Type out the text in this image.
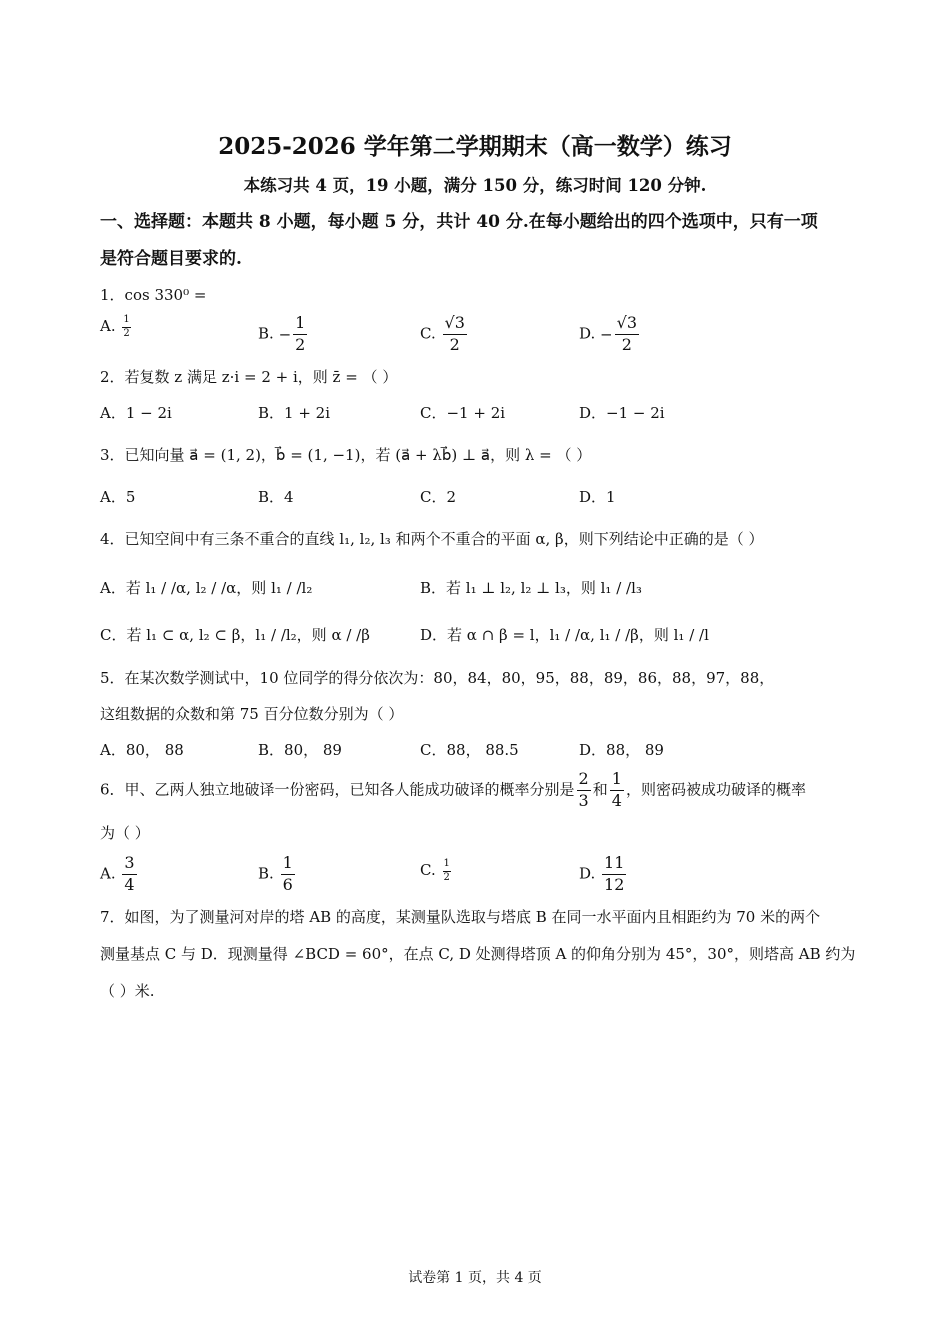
2025-2026 学年第二学期期末（高一数学）练习
本练习共 4 页，19 小题，满分 150 分，练习时间 120 分钟.
一、选择题：本题共 8 小题，每小题 5 分，共计 40 分.在每小题给出的四个选项中，只有一项
是符合题目要求的.
1．cos 330⁰ =
A. $\frac{1}{2}$	B. − $\frac{1}{2}$	C. $\frac{√3}{2}$	D. − $\frac{√3}{2}$
2．若复数 z 满足 z·i = 2 + i，则 z̄ = （ ）
A．1 − 2i	B．1 + 2i	C．−1 + 2i	D．−1 − 2i
3．已知向量 a⃗ = (1, 2)，b⃗ = (1, −1)，若 (a⃗ + λb⃗) ⊥ a⃗，则 λ = （ ）
A．5	B．4	C．2	D．1
4．已知空间中有三条不重合的直线 l₁, l₂, l₃ 和两个不重合的平面 α, β，则下列结论中正确的是（ ）
A．若 l₁ / /α, l₂ / /α，则 l₁ / /l₂	B．若 l₁ ⊥ l₂, l₂ ⊥ l₃，则 l₁ / /l₃
C．若 l₁ ⊂ α, l₂ ⊂ β，l₁ / /l₂，则 α / /β	D．若 α ∩ β = l，l₁ / /α, l₁ / /β，则 l₁ / /l
5．在某次数学测试中，10 位同学的得分依次为：80，84，80，95，88，89，86，88，97，88，
这组数据的众数和第 75 百分位数分别为（ ）
A．80， 88	B．80， 89	C．88， 88.5	D．88， 89
6．甲、乙两人独立地破译一份密码，已知各人能成功破译的概率分别是 $\frac{2}{3}$ 和 $\frac{1}{4}$ ，则密码被成功破译的概率
为（ ）
A. $\frac{3}{4}$	B. $\frac{1}{6}$	C. $\frac{1}{2}$	D. $\frac{11}{12}$
7．如图，为了测量河对岸的塔 AB 的高度，某测量队选取与塔底 B 在同一水平面内且相距约为 70 米的两个
测量基点 C 与 D．现测量得 ∠BCD = 60°，在点 C, D 处测得塔顶 A 的仰角分别为 45°，30°，则塔高 AB 约为
（ ）米.
试卷第 1 页，共 4 页
